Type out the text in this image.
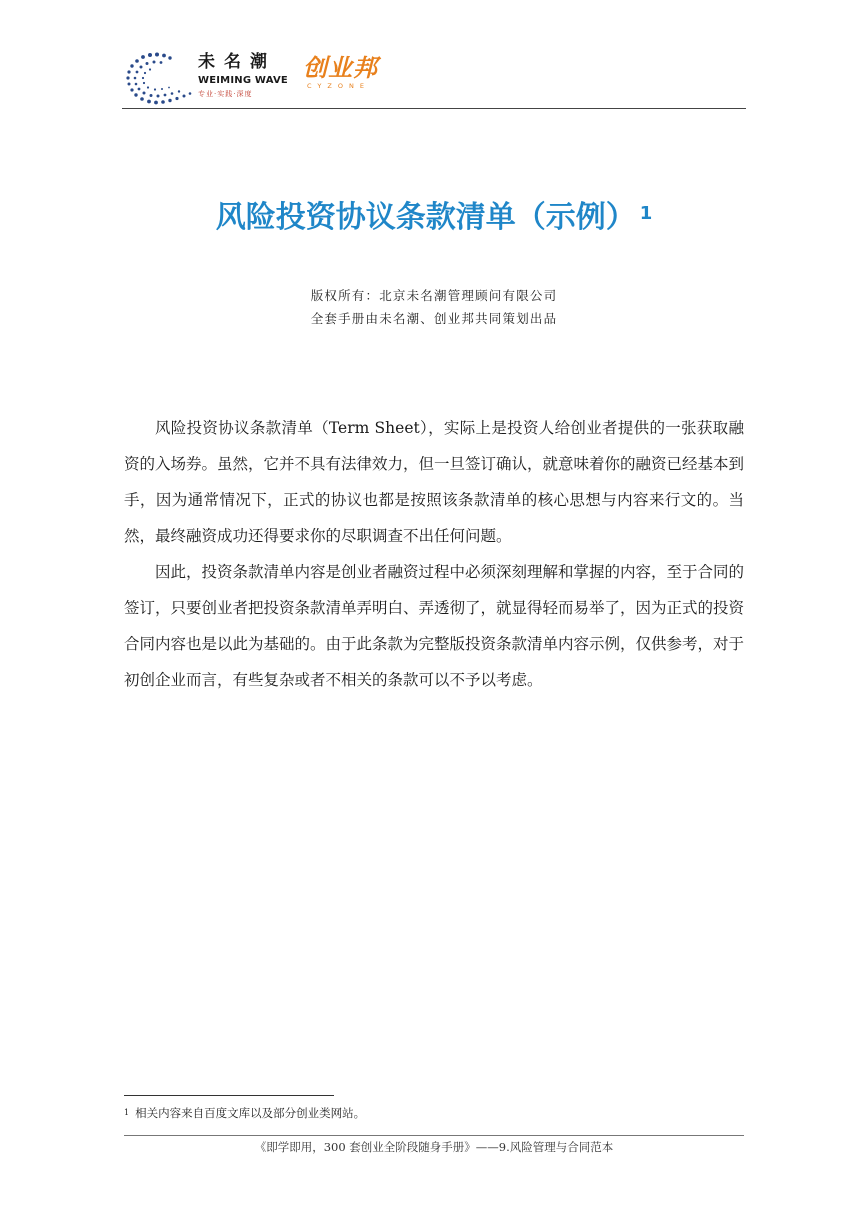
未名潮
WEIMING WAVE
专业·实践·深度
创业邦
CYZONE
风险投资协议条款清单（示例） $^1$
版权所有：北京未名潮管理顾问有限公司
全套手册由未名潮、创业邦共同策划出品

风险投资协议条款清单（Term Sheet），实际上是投资人给创业者提供的一张获取融资的入场券。虽然，它并不具有法律效力，但一旦签订确认，就意味着你的融资已经基本到手，因为通常情况下，正式的协议也都是按照该条款清单的核心思想与内容来行文的。当然，最终融资成功还得要求你的尽职调查不出任何问题。

因此，投资条款清单内容是创业者融资过程中必须深刻理解和掌握的内容，至于合同的签订，只要创业者把投资条款清单弄明白、弄透彻了，就显得轻而易举了，因为正式的投资合同内容也是以此为基础的。由于此条款为完整版投资条款清单内容示例，仅供参考，对于初创企业而言，有些复杂或者不相关的条款可以不予以考虑。

$^1$ 相关内容来自百度文库以及部分创业类网站。
《即学即用，300 套创业全阶段随身手册》——9.风险管理与合同范本
